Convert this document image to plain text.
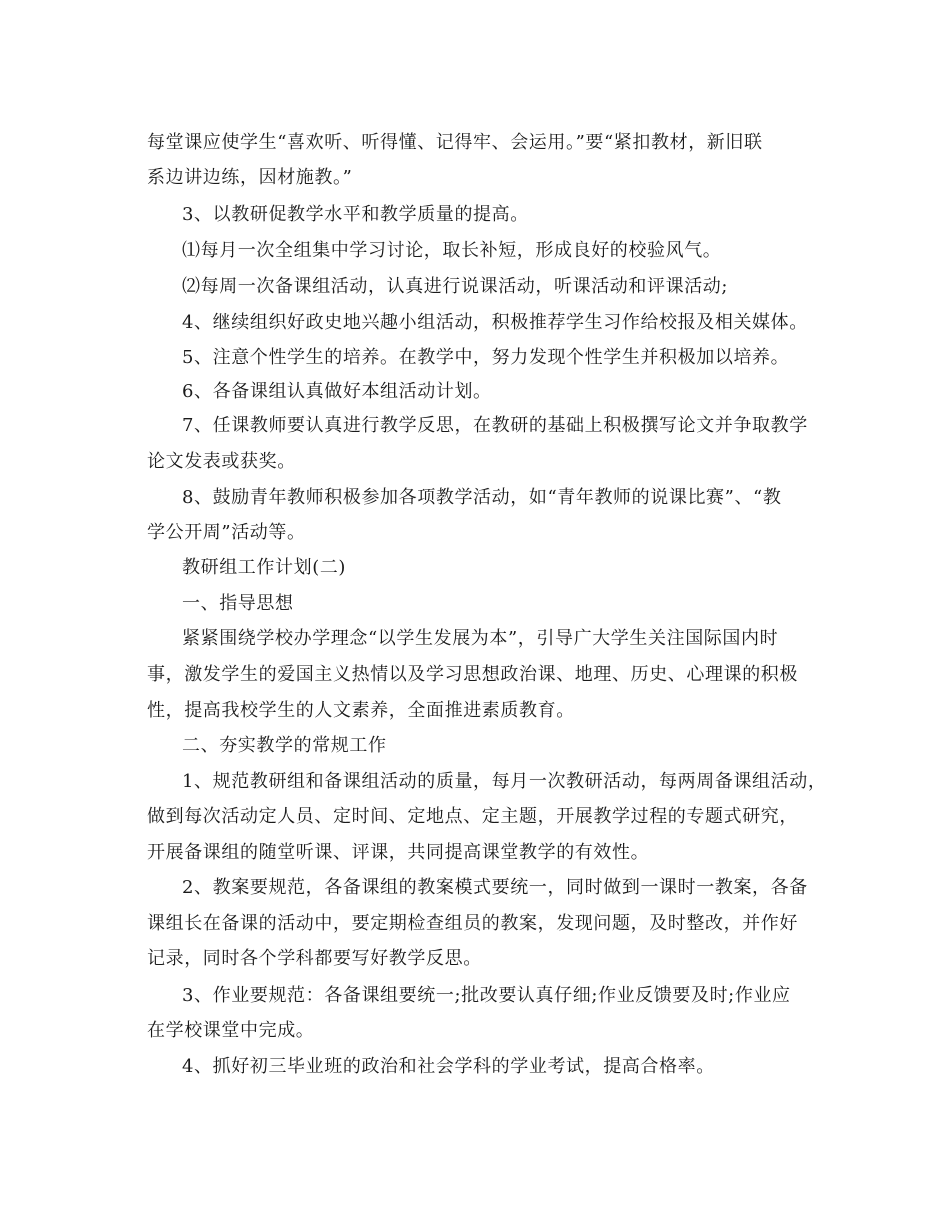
每堂课应使学生“喜欢听、听得懂、记得牢、会运用。”要“紧扣教材，新旧联
系边讲边练，因材施教。”
3、以教研促教学水平和教学质量的提高。
⑴每月一次全组集中学习讨论，取长补短，形成良好的校验风气。
⑵每周一次备课组活动，认真进行说课活动，听课活动和评课活动;
4、继续组织好政史地兴趣小组活动，积极推荐学生习作给校报及相关媒体。
5、注意个性学生的培养。在教学中，努力发现个性学生并积极加以培养。
6、各备课组认真做好本组活动计划。
7、任课教师要认真进行教学反思，在教研的基础上积极撰写论文并争取教学
论文发表或获奖。
8、鼓励青年教师积极参加各项教学活动，如“青年教师的说课比赛”、“教
学公开周”活动等。
教研组工作计划(二)
一、指导思想
紧紧围绕学校办学理念“以学生发展为本”，引导广大学生关注国际国内时
事，激发学生的爱国主义热情以及学习思想政治课、地理、历史、心理课的积极
性，提高我校学生的人文素养，全面推进素质教育。
二、夯实教学的常规工作
1、规范教研组和备课组活动的质量，每月一次教研活动，每两周备课组活动，
做到每次活动定人员、定时间、定地点、定主题，开展教学过程的专题式研究，
开展备课组的随堂听课、评课，共同提高课堂教学的有效性。
2、教案要规范，各备课组的教案模式要统一，同时做到一课时一教案，各备
课组长在备课的活动中，要定期检查组员的教案，发现问题，及时整改，并作好
记录，同时各个学科都要写好教学反思。
3、作业要规范：各备课组要统一;批改要认真仔细;作业反馈要及时;作业应
在学校课堂中完成。
4、抓好初三毕业班的政治和社会学科的学业考试，提高合格率。
